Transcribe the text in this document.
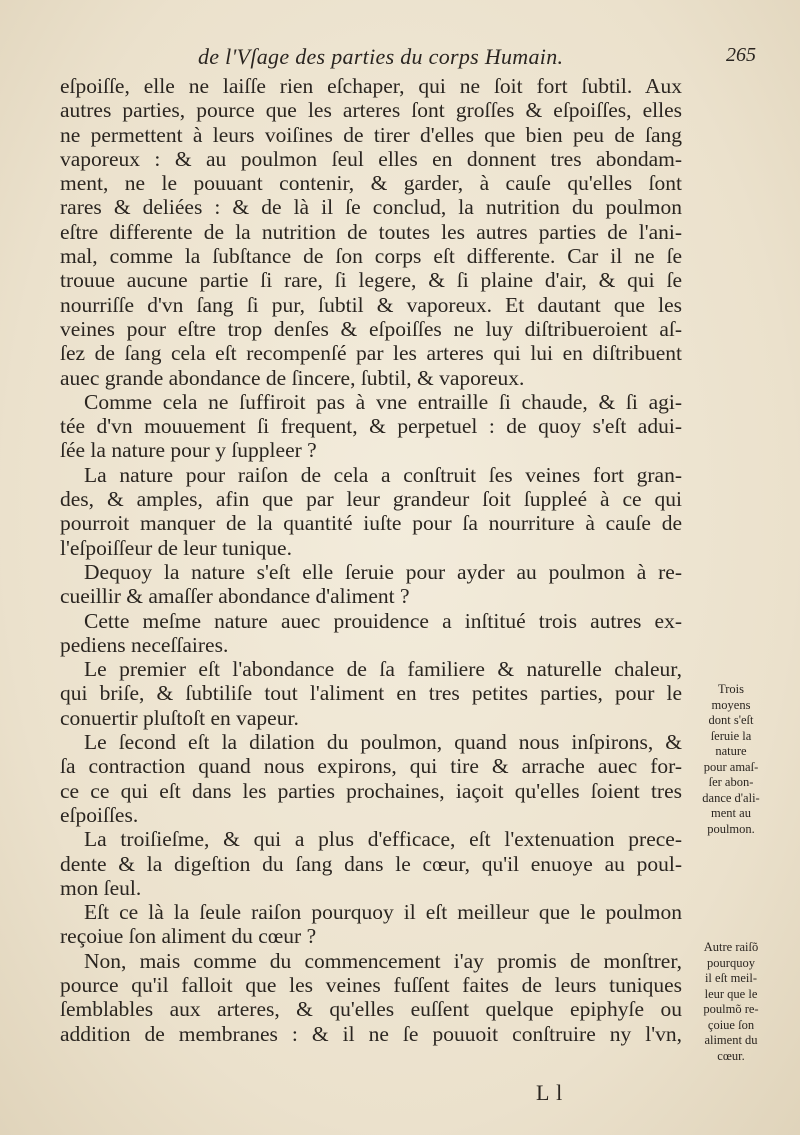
de l'Vſage des parties du corps Humain.	265
eſpoiſſe, elle ne laiſſe rien eſchaper, qui ne ſoit fort ſubtil. Aux
autres parties, pource que les arteres ſont groſſes & eſpoiſſes, elles
ne permettent à leurs voiſines de tirer d'elles que bien peu de ſang
vaporeux : & au poulmon ſeul elles en donnent tres abondam-
ment, ne le pouuant contenir, & garder, à cauſe qu'elles ſont
rares & deliées : & de là il ſe conclud, la nutrition du poulmon
eſtre differente de la nutrition de toutes les autres parties de l'ani-
mal, comme la ſubſtance de ſon corps eſt differente. Car il ne ſe
trouue aucune partie ſi rare, ſi legere, & ſi plaine d'air, & qui ſe
nourriſſe d'vn ſang ſi pur, ſubtil & vaporeux. Et dautant que les
veines pour eſtre trop denſes & eſpoiſſes ne luy diſtribueroient aſ-
ſez de ſang cela eſt recompenſé par les arteres qui lui en diſtribuent
auec grande abondance de ſincere, ſubtil, & vaporeux.
Comme cela ne ſuffiroit pas à vne entraille ſi chaude, & ſi agi-
tée d'vn mouuement ſi frequent, & perpetuel : de quoy s'eſt adui-
ſée la nature pour y ſuppleer ?
La nature pour raiſon de cela a conſtruit ſes veines fort gran-
des, & amples, afin que par leur grandeur ſoit ſuppleé à ce qui
pourroit manquer de la quantité iuſte pour ſa nourriture à cauſe de
l'eſpoiſſeur de leur tunique.
Dequoy la nature s'eſt elle ſeruie pour ayder au poulmon à re-
cueillir & amaſſer abondance d'aliment ?
Cette meſme nature auec prouidence a inſtitué trois autres ex-
pediens neceſſaires.
Le premier eſt l'abondance de ſa familiere & naturelle chaleur,
qui briſe, & ſubtiliſe tout l'aliment en tres petites parties, pour le
conuertir pluſtoſt en vapeur.
Le ſecond eſt la dilation du poulmon, quand nous inſpirons, &
ſa contraction quand nous expirons, qui tire & arrache auec for-
ce ce qui eſt dans les parties prochaines, iaçoit qu'elles ſoient tres
eſpoiſſes.
La troiſieſme, & qui a plus d'efficace, eſt l'extenuation prece-
dente & la digeſtion du ſang dans le cœur, qu'il enuoye au poul-
mon ſeul.
Eſt ce là la ſeule raiſon pourquoy il eſt meilleur que le poulmon
reçoiue ſon aliment du cœur ?
Non, mais comme du commencement i'ay promis de monſtrer,
pource qu'il falloit que les veines fuſſent faites de leurs tuniques
ſemblables aux arteres, & qu'elles euſſent quelque epiphyſe ou
addition de membranes : & il ne ſe pouuoit conſtruire ny l'vn,
Trois
moyens
dont s'eſt
ſeruie la
nature
pour amaſ-
ſer abon-
dance d'ali-
ment au
poulmon.
Autre raiſõ
pourquoy
il eſt meil-
leur que le
poulmõ re-
çoiue ſon
aliment du
cœur.
L l
